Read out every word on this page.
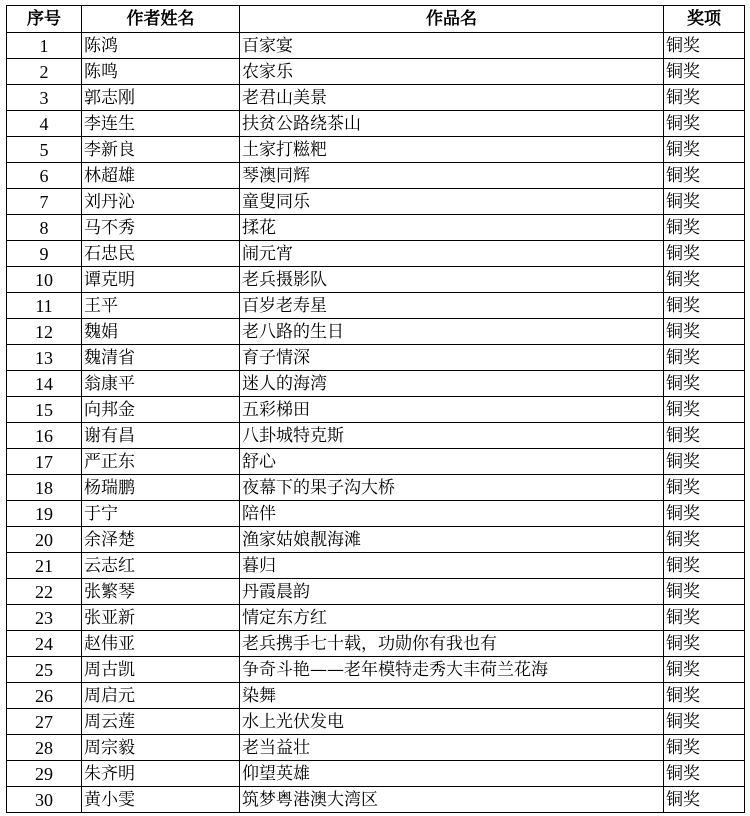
序号	作者姓名	作品名	奖项
1	陈鸿	百家宴	铜奖
2	陈鸣	农家乐	铜奖
3	郭志刚	老君山美景	铜奖
4	李连生	扶贫公路绕茶山	铜奖
5	李新良	土家打糍粑	铜奖
6	林超雄	琴澳同辉	铜奖
7	刘丹沁	童叟同乐	铜奖
8	马不秀	揉花	铜奖
9	石忠民	闹元宵	铜奖
10	谭克明	老兵摄影队	铜奖
11	王平	百岁老寿星	铜奖
12	魏娟	老八路的生日	铜奖
13	魏清省	育子情深	铜奖
14	翁康平	迷人的海湾	铜奖
15	向邦金	五彩梯田	铜奖
16	谢有昌	八卦城特克斯	铜奖
17	严正东	舒心	铜奖
18	杨瑞鹏	夜幕下的果子沟大桥	铜奖
19	于宁	陪伴	铜奖
20	余泽楚	渔家姑娘靓海滩	铜奖
21	云志红	暮归	铜奖
22	张繁琴	丹霞晨韵	铜奖
23	张亚新	情定东方红	铜奖
24	赵伟亚	老兵携手七十载，功勋你有我也有	铜奖
25	周古凯	争奇斗艳——老年模特走秀大丰荷兰花海	铜奖
26	周启元	染舞	铜奖
27	周云莲	水上光伏发电	铜奖
28	周宗毅	老当益壮	铜奖
29	朱齐明	仰望英雄	铜奖
30	黄小雯	筑梦粤港澳大湾区	铜奖
